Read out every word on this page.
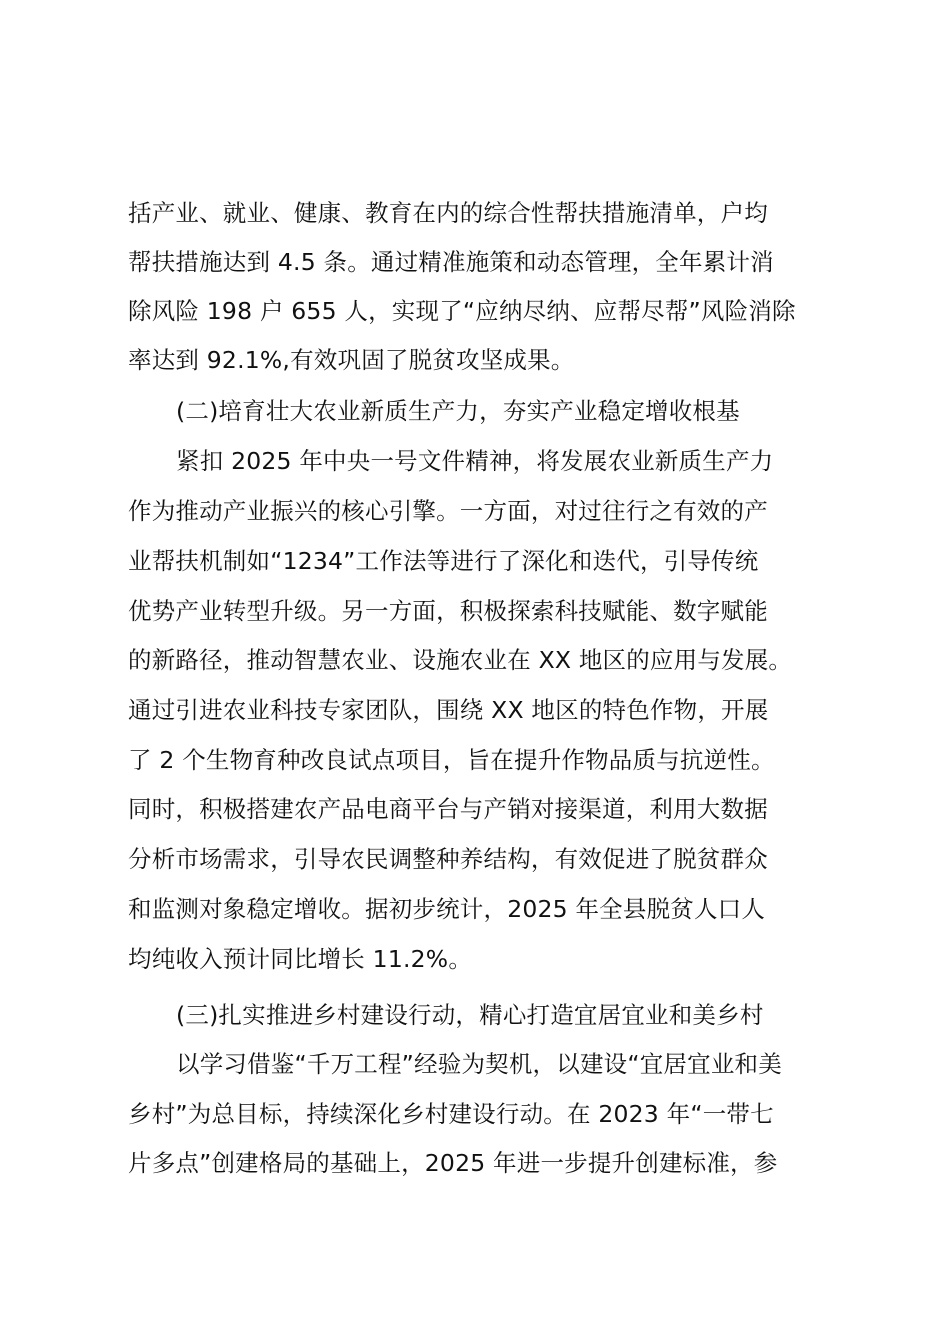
括产业、就业、健康、教育在内的综合性帮扶措施清单，户均
帮扶措施达到 4.5 条。通过精准施策和动态管理，全年累计消
除风险 198 户 655 人，实现了“应纳尽纳、应帮尽帮”风险消除
率达到 92.1%,有效巩固了脱贫攻坚成果。
(二)培育壮大农业新质生产力，夯实产业稳定增收根基
紧扣 2025 年中央一号文件精神，将发展农业新质生产力
作为推动产业振兴的核心引擎。一方面，对过往行之有效的产
业帮扶机制如“1234”工作法等进行了深化和迭代，引导传统
优势产业转型升级。另一方面，积极探索科技赋能、数字赋能
的新路径，推动智慧农业、设施农业在 XX 地区的应用与发展。
通过引进农业科技专家团队，围绕 XX 地区的特色作物，开展
了 2 个生物育种改良试点项目，旨在提升作物品质与抗逆性。
同时，积极搭建农产品电商平台与产销对接渠道，利用大数据
分析市场需求，引导农民调整种养结构，有效促进了脱贫群众
和监测对象稳定增收。据初步统计，2025 年全县脱贫人口人
均纯收入预计同比增长 11.2%。
(三)扎实推进乡村建设行动，精心打造宜居宜业和美乡村
以学习借鉴“千万工程”经验为契机，以建设“宜居宜业和美
乡村”为总目标，持续深化乡村建设行动。在 2023 年“一带七
片多点”创建格局的基础上，2025 年进一步提升创建标准，参
